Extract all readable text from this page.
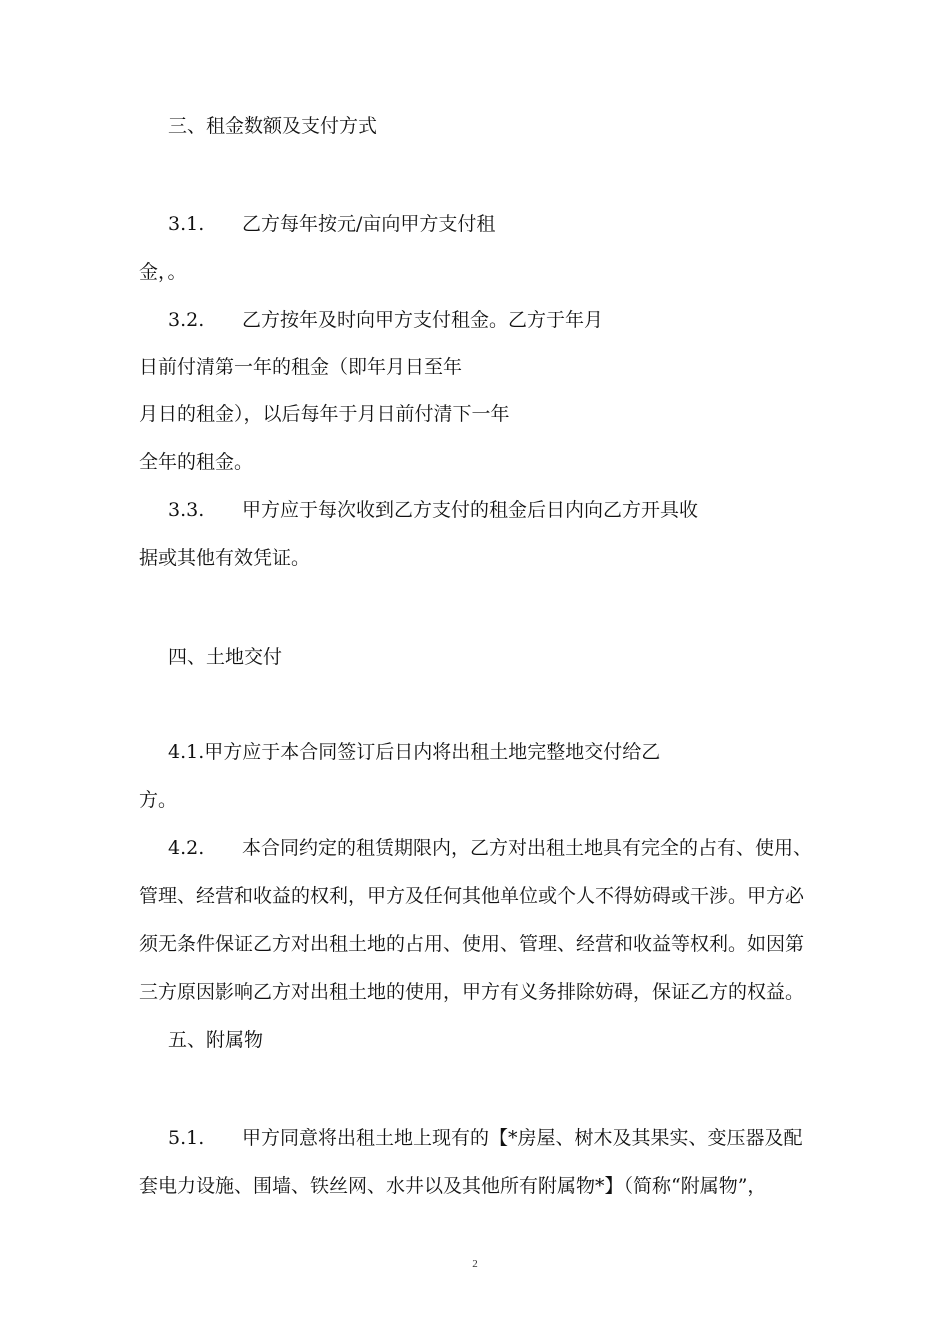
三、租金数额及支付方式
3.1. 乙方每年按元/亩向甲方支付租
金，。
3.2. 乙方按年及时向甲方支付租金。乙方于年月
日前付清第一年的租金（即年月日至年
月日的租金），以后每年于月日前付清下一年
全年的租金。
3.3. 甲方应于每次收到乙方支付的租金后日内向乙方开具收
据或其他有效凭证。
四、土地交付
4.1.甲方应于本合同签订后日内将出租土地完整地交付给乙
方。
4.2. 本合同约定的租赁期限内，乙方对出租土地具有完全的占有、使用、
管理、经营和收益的权利，甲方及任何其他单位或个人不得妨碍或干涉。甲方必
须无条件保证乙方对出租土地的占用、使用、管理、经营和收益等权利。如因第
三方原因影响乙方对出租土地的使用，甲方有义务排除妨碍，保证乙方的权益。
五、附属物
5.1. 甲方同意将出租土地上现有的【*房屋、树木及其果实、变压器及配
套电力设施、围墙、铁丝网、水井以及其他所有附属物*】（简称“附属物”，
2
